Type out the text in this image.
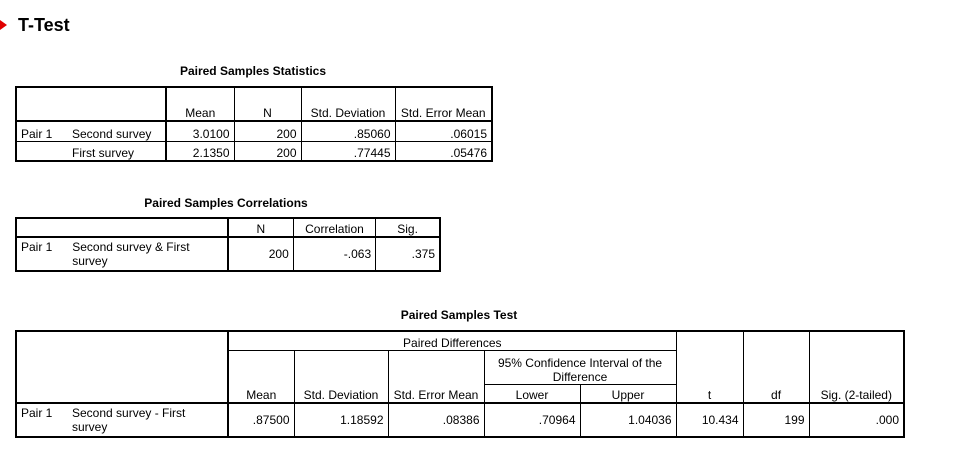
T-Test
Paired Samples Statistics
		Mean	N	Std. Deviation	Std. Error Mean
Pair 1	Second survey	3.0100	200	.85060	.06015
	First survey	2.1350	200	.77445	.05476
Paired Samples Correlations
		N	Correlation	Sig.
Pair 1	Second survey & First survey	200	-.063	.375
Paired Samples Test
		Paired Differences					t	df	Sig. (2-tailed)
		Mean	Std. Deviation	Std. Error Mean	95% Confidence Interval of the Difference				
					Lower	Upper			
Pair 1	Second survey - First survey	.87500	1.18592	.08386	.70964	1.04036	10.434	199	.000
